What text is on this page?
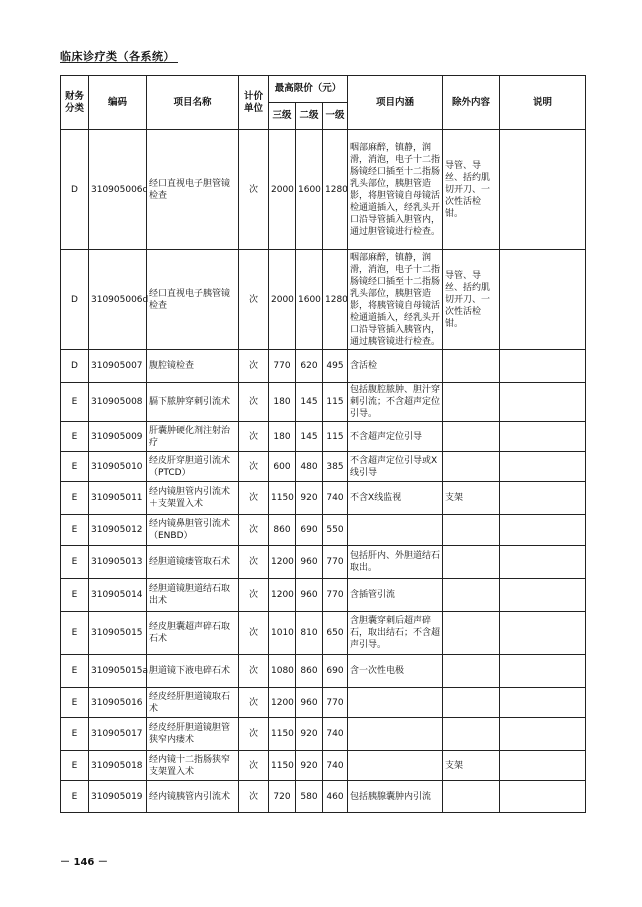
临床诊疗类（各系统）
财务
分类	编码	项目名称	计价
单位	最高限价（元）			项目内涵	除外内容	说明
				三级	二级	一级			
D	310905006c	经口直视电子胆管镜检查	次	2000	1600	1280	咽部麻醉，镇静，润滑，消泡，电子十二指肠镜经口插至十二指肠乳头部位，胰胆管造影，将胆管镜自母镜活检通道插入，经乳头开口沿导管插入胆管内，通过胆管镜进行检查。	导管、导丝、括约肌切开刀、一次性活检钳。	
D	310905006d	经口直视电子胰管镜检查	次	2000	1600	1280	咽部麻醉，镇静，润滑，消泡，电子十二指肠镜经口插至十二指肠乳头部位，胰胆管造影，将胰管镜自母镜活检通道插入，经乳头开口沿导管插入胰管内，通过胰管镜进行检查。	导管、导丝、括约肌切开刀、一次性活检钳。	
D	310905007	腹腔镜检查	次	770	620	495	含活检		
E	310905008	膈下脓肿穿刺引流术	次	180	145	115	包括腹腔脓肿、胆汁穿刺引流；不含超声定位引导。		
E	310905009	肝囊肿硬化剂注射治疗	次	180	145	115	不含超声定位引导		
E	310905010	经皮肝穿胆道引流术（PTCD）	次	600	480	385	不含超声定位引导或X线引导		
E	310905011	经内镜胆管内引流术＋支架置入术	次	1150	920	740	不含X线监视	支架	
E	310905012	经内镜鼻胆管引流术（ENBD）	次	860	690	550			
E	310905013	经胆道镜瘘管取石术	次	1200	960	770	包括肝内、外胆道结石取出。		
E	310905014	经胆道镜胆道结石取出术	次	1200	960	770	含插管引流		
E	310905015	经皮胆囊超声碎石取石术	次	1010	810	650	含胆囊穿刺后超声碎石，取出结石；不含超声引导。		
E	310905015a	胆道镜下液电碎石术	次	1080	860	690	含一次性电极		
E	310905016	经皮经肝胆道镜取石术	次	1200	960	770			
E	310905017	经皮经肝胆道镜胆管狭窄内瘘术	次	1150	920	740			
E	310905018	经内镜十二指肠狭窄支架置入术	次	1150	920	740		支架	
E	310905019	经内镜胰管内引流术	次	720	580	460	包括胰腺囊肿内引流		
－ 146 －
